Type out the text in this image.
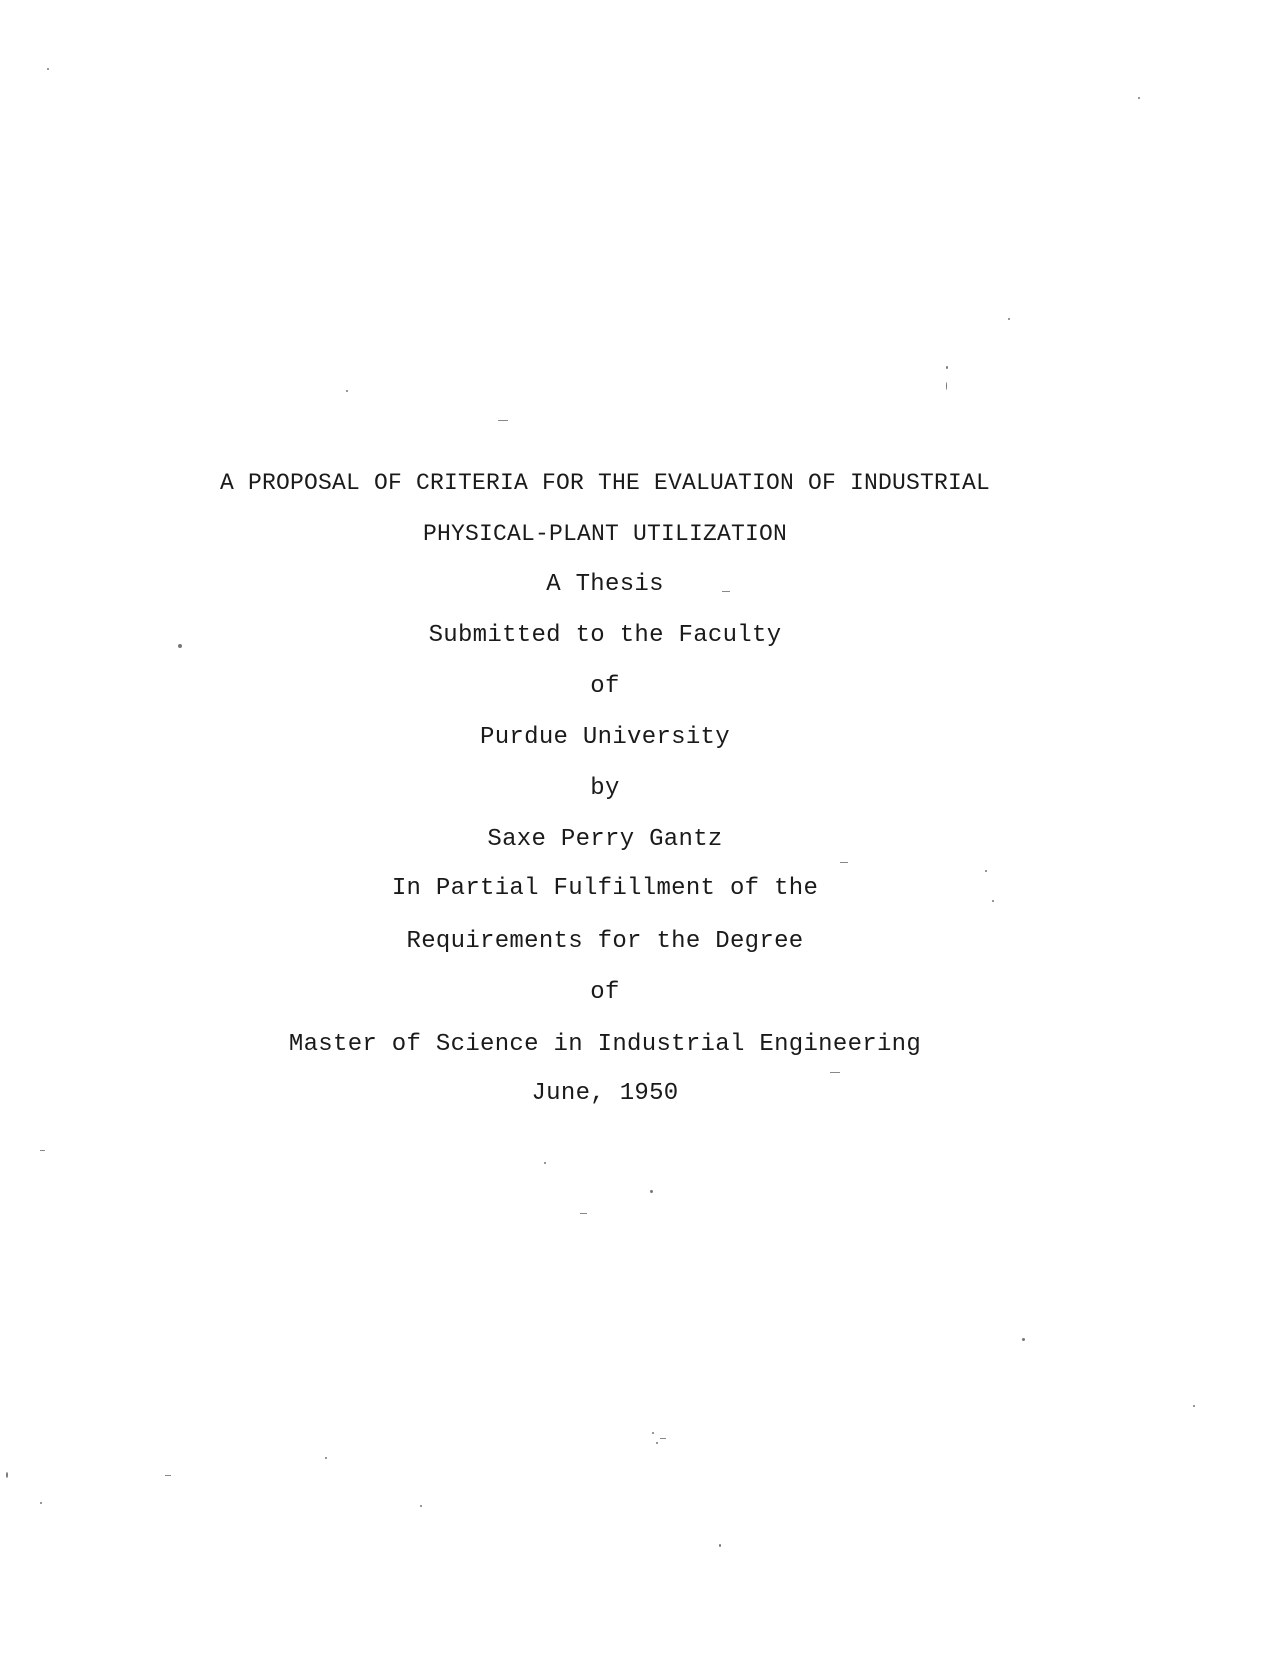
A PROPOSAL OF CRITERIA FOR THE EVALUATION OF INDUSTRIAL
PHYSICAL-PLANT UTILIZATION
A Thesis
Submitted to the Faculty
of
Purdue University
by
Saxe Perry Gantz
In Partial Fulfillment of the
Requirements for the Degree
of
Master of Science in Industrial Engineering
June, 1950
